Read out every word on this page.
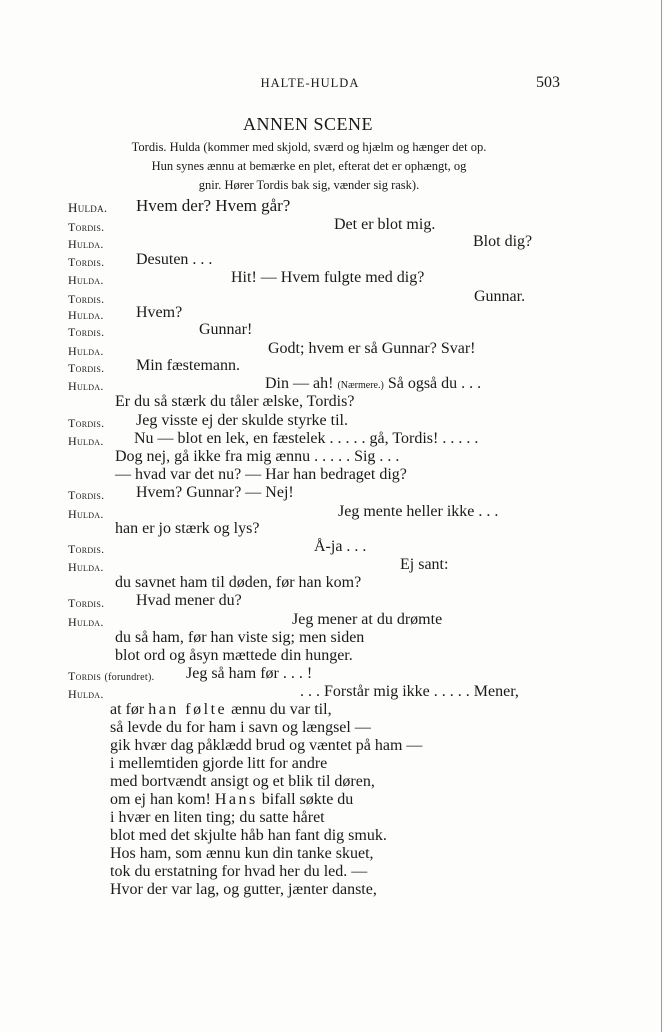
HALTE-HULDA	503
ANNEN SCENE
Tordis. Hulda (kommer med skjold, sværd og hjælm og hænger det op.
Hun synes ænnu at bemærke en plet, efterat det er ophængt, og
gnir. Hører Tordis bak sig, vænder sig rask).
Hulda. Hvem der? Hvem går?
Tordis.	Det er blot mig.
Hulda.	Blot dig?
Tordis. Desuten . . .
Hulda.	Hit! — Hvem fulgte med dig?
Tordis.	Gunnar.
Hulda. Hvem?
Tordis.	Gunnar!
Hulda.	Godt; hvem er så Gunnar? Svar!
Tordis. Min fæstemann.
Hulda.	Din — ah! (Nærmere.) Så også du . . .
Er du så stærk du tåler ælske, Tordis?
Tordis. Jeg visste ej der skulde styrke til.
Hulda. Nu — blot en lek, en fæstelek . . . . . gå, Tordis! . . . . .
Dog nej, gå ikke fra mig ænnu . . . . . Sig . . .
— hvad var det nu? — Har han bedraget dig?
Tordis. Hvem? Gunnar? — Nej!
Hulda.	Jeg mente heller ikke . . .
han er jo stærk og lys?
Tordis.	Å-ja . . .
Hulda.	Ej sant:
du savnet ham til døden, før han kom?
Tordis. Hvad mener du?
Hulda.	Jeg mener at du drømte
du så ham, før han viste sig; men siden
blot ord og åsyn mættede din hunger.
Tordis (forundret). Jeg så ham før . . . !
Hulda.	. . . Forstår mig ikke . . . . . Mener,
at før han følte ænnu du var til,
så levde du for ham i savn og længsel —
gik hvær dag påklædd brud og væntet på ham —
i mellemtiden gjorde litt for andre
med bortvændt ansigt og et blik til døren,
om ej han kom! Hans bifall søkte du
i hvær en liten ting; du satte håret
blot med det skjulte håb han fant dig smuk.
Hos ham, som ænnu kun din tanke skuet,
tok du erstatning for hvad her du led. —
Hvor der var lag, og gutter, jænter danste,
